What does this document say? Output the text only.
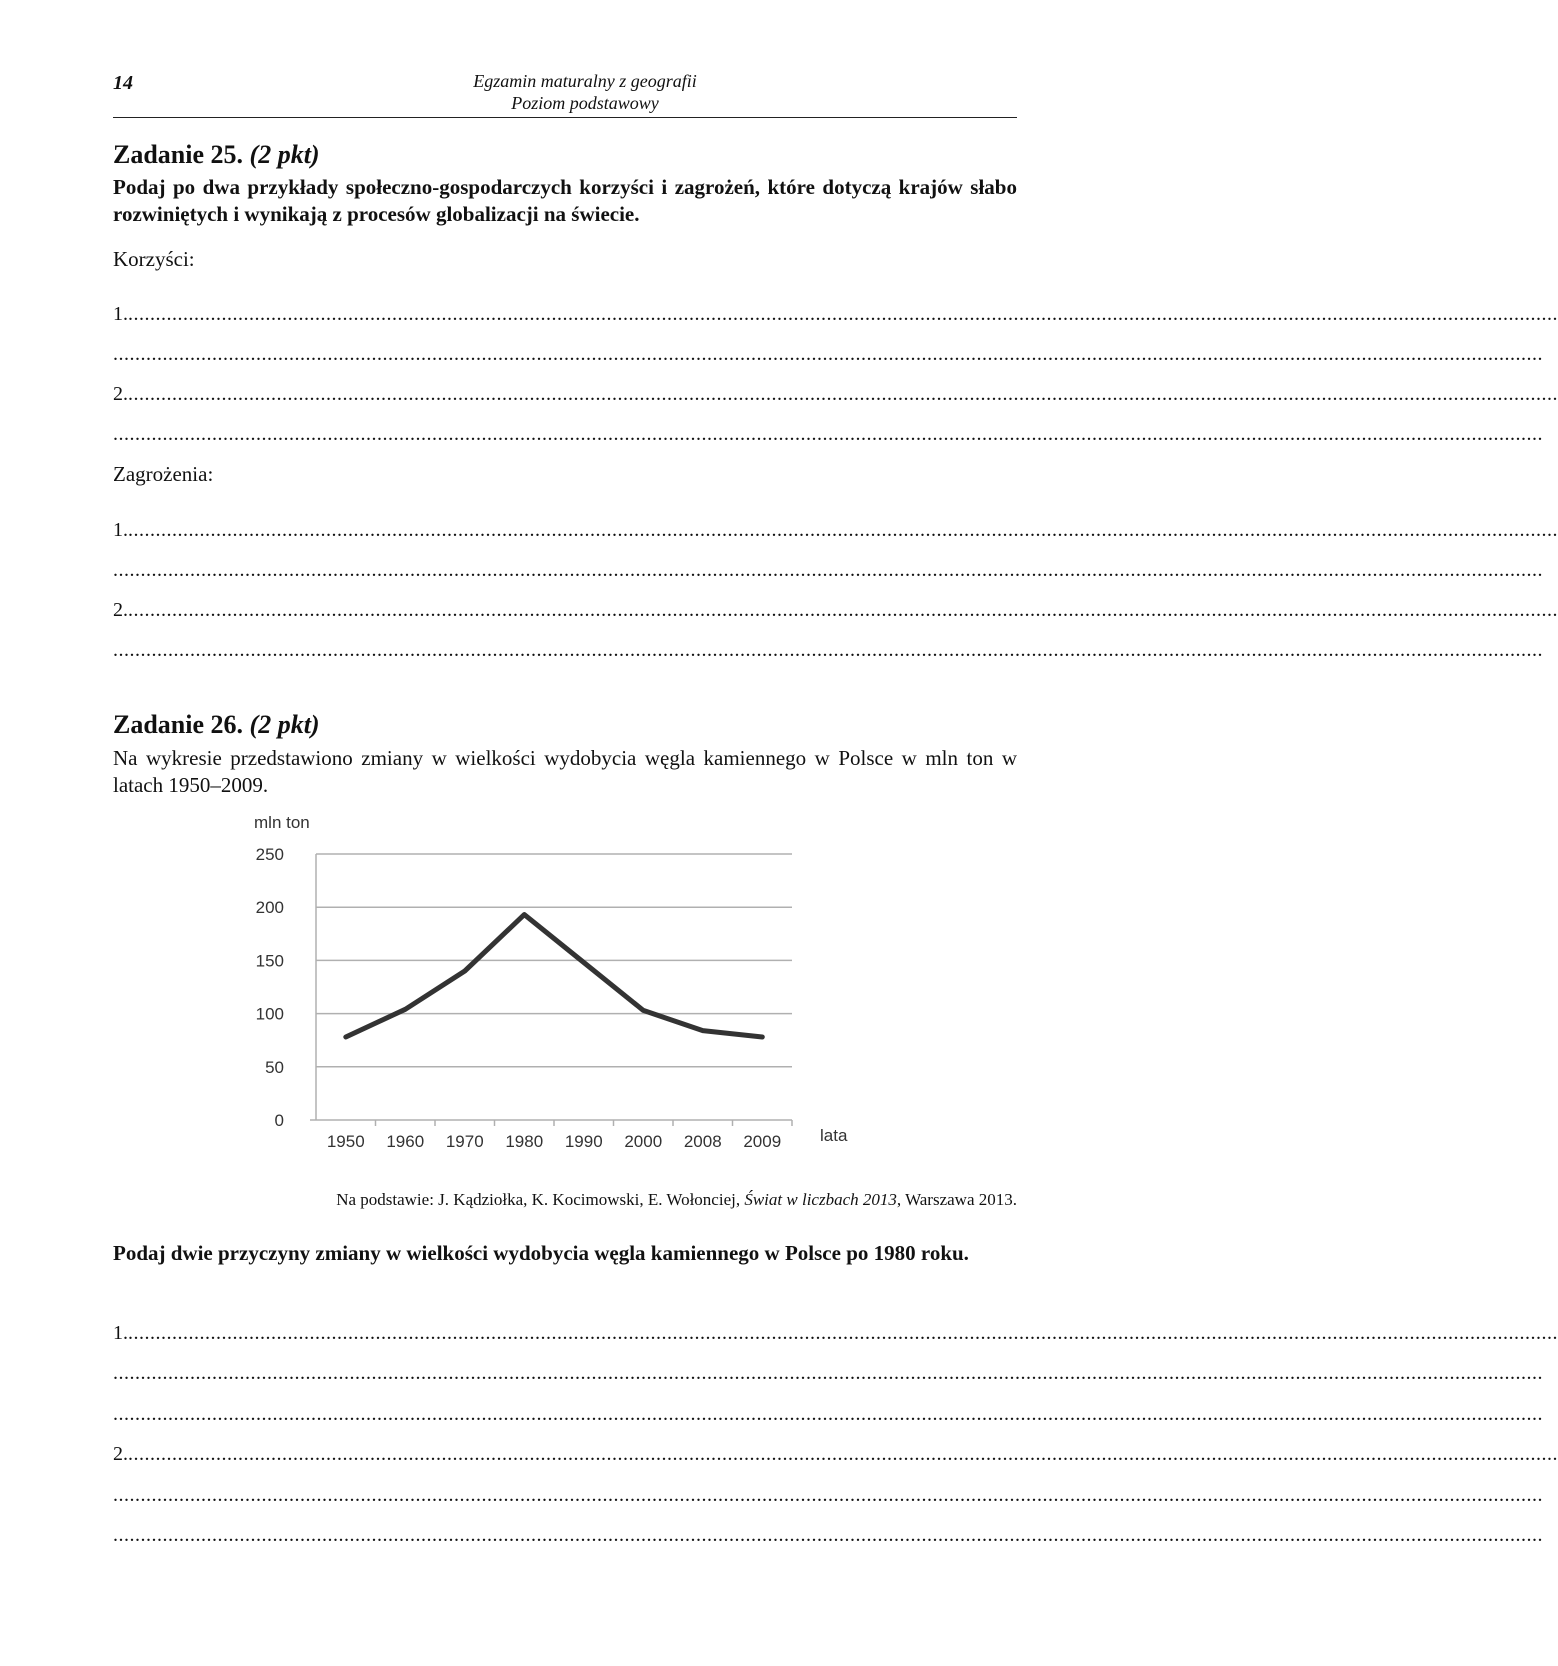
14	Egzamin maturalny z geografii
Poziom podstawowy
Zadanie 25. (2 pkt)
Podaj po dwa przykłady społeczno-gospodarczych korzyści i zagrożeń, które dotyczą krajów słabo rozwiniętych i wynikają z procesów globalizacji na świecie.
Korzyści:
1. ....................................................................................................................................................................................................................................................................
....................................................................................................................................................................................................................................................................
2. ....................................................................................................................................................................................................................................................................
....................................................................................................................................................................................................................................................................
Zagrożenia:
1. ....................................................................................................................................................................................................................................................................
....................................................................................................................................................................................................................................................................
2. ....................................................................................................................................................................................................................................................................
....................................................................................................................................................................................................................................................................
Zadanie 26. (2 pkt)
Na wykresie przedstawiono zmiany w wielkości wydobycia węgla kamiennego w Polsce w mln ton w latach 1950–2009.
mln ton
0
50
100
150
200
250
1950 1960 1970 1980 1990 2000 2008 2009 lata
Na podstawie: J. Kądziołka, K. Kocimowski, E. Wołonciej, Świat w liczbach 2013, Warszawa 2013.
Podaj dwie przyczyny zmiany w wielkości wydobycia węgla kamiennego w Polsce po 1980 roku.
1. ....................................................................................................................................................................................................................................................................
....................................................................................................................................................................................................................................................................
....................................................................................................................................................................................................................................................................
2. ....................................................................................................................................................................................................................................................................
....................................................................................................................................................................................................................................................................
....................................................................................................................................................................................................................................................................
